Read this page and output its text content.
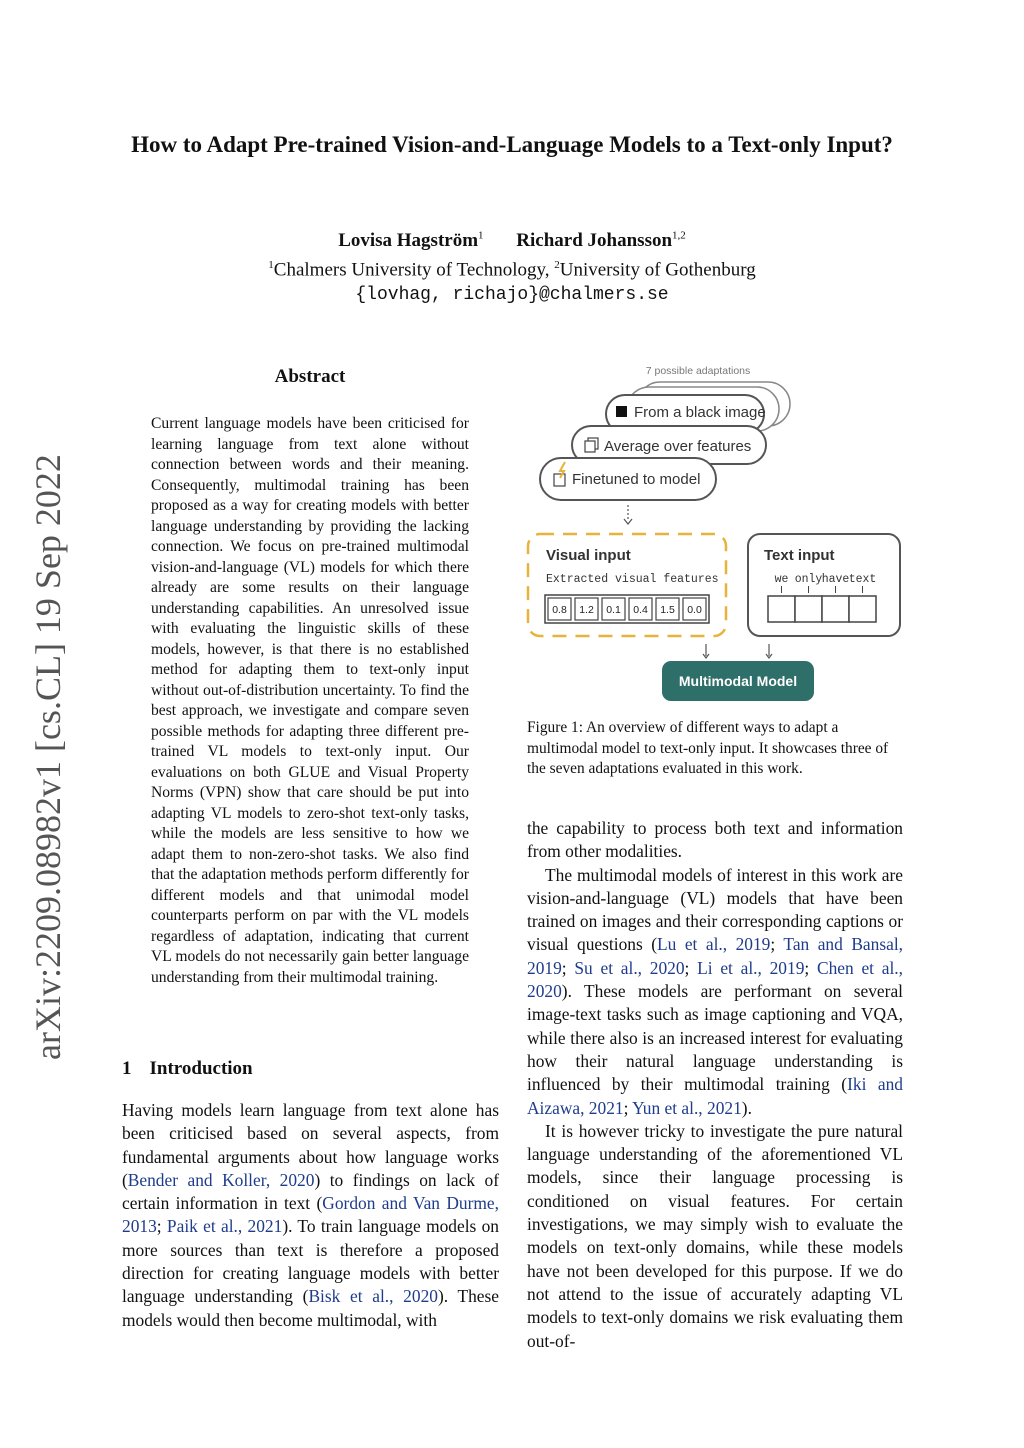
How to Adapt Pre-trained Vision-and-Language Models to a Text-only Input?
Lovisa Hagström$^1$ Richard Johansson$^{1,2}$
$^1$Chalmers University of Technology, $^2$University of Gothenburg
{lovhag, richajo}@chalmers.se
arXiv:2209.08982v1 [cs.CL] 19 Sep 2022
Abstract
Current language models have been criticised for learning language from text alone without connection between words and their meaning. Consequently, multimodal training has been proposed as a way for creating models with better language understanding by providing the lacking connection. We focus on pre-trained multimodal vision-and-language (VL) models for which there already are some results on their language understanding capabilities. An unresolved issue with evaluating the linguistic skills of these models, however, is that there is no established method for adapting them to text-only input without out-of-distribution uncertainty. To find the best approach, we investigate and compare seven possible methods for adapting three different pre-trained VL models to text-only input. Our evaluations on both GLUE and Visual Property Norms (VPN) show that care should be put into adapting VL models to zero-shot text-only tasks, while the models are less sensitive to how we adapt them to non-zero-shot tasks. We also find that the adaptation methods perform differently for different models and that unimodal model counterparts perform on par with the VL models regardless of adaptation, indicating that current VL models do not necessarily gain better language understanding from their multimodal training.
1 Introduction

Having models learn language from text alone has been criticised based on several aspects, from fundamental arguments about how language works (Bender and Koller, 2020) to findings on lack of certain information in text (Gordon and Van Durme, 2013; Paik et al., 2021). To train language models on more sources than text is therefore a proposed direction for creating language models with better language understanding (Bisk et al., 2020). These models would then become multimodal, with

7 possible adaptations
From a black image
Average over features
Finetuned to model
Visual input
Extracted visual features
0.8 1.2 0.1 0.4 1.5 0.0
Text input
we only have text
Multimodal Model
Figure 1: An overview of different ways to adapt a multimodal model to text-only input. It showcases three of the seven adaptations evaluated in this work.

the capability to process both text and information from other modalities.

The multimodal models of interest in this work are vision-and-language (VL) models that have been trained on images and their corresponding captions or visual questions (Lu et al., 2019; Tan and Bansal, 2019; Su et al., 2020; Li et al., 2019; Chen et al., 2020). These models are performant on several image-text tasks such as image captioning and VQA, while there also is an increased interest for evaluating how their natural language understanding is influenced by their multimodal training (Iki and Aizawa, 2021; Yun et al., 2021).

It is however tricky to investigate the pure natural language understanding of the aforementioned VL models, since their language processing is conditioned on visual features. For certain investigations, we may simply wish to evaluate the models on text-only domains, while these models have not been developed for this purpose. If we do not attend to the issue of accurately adapting VL models to text-only domains we risk evaluating them out-of-
